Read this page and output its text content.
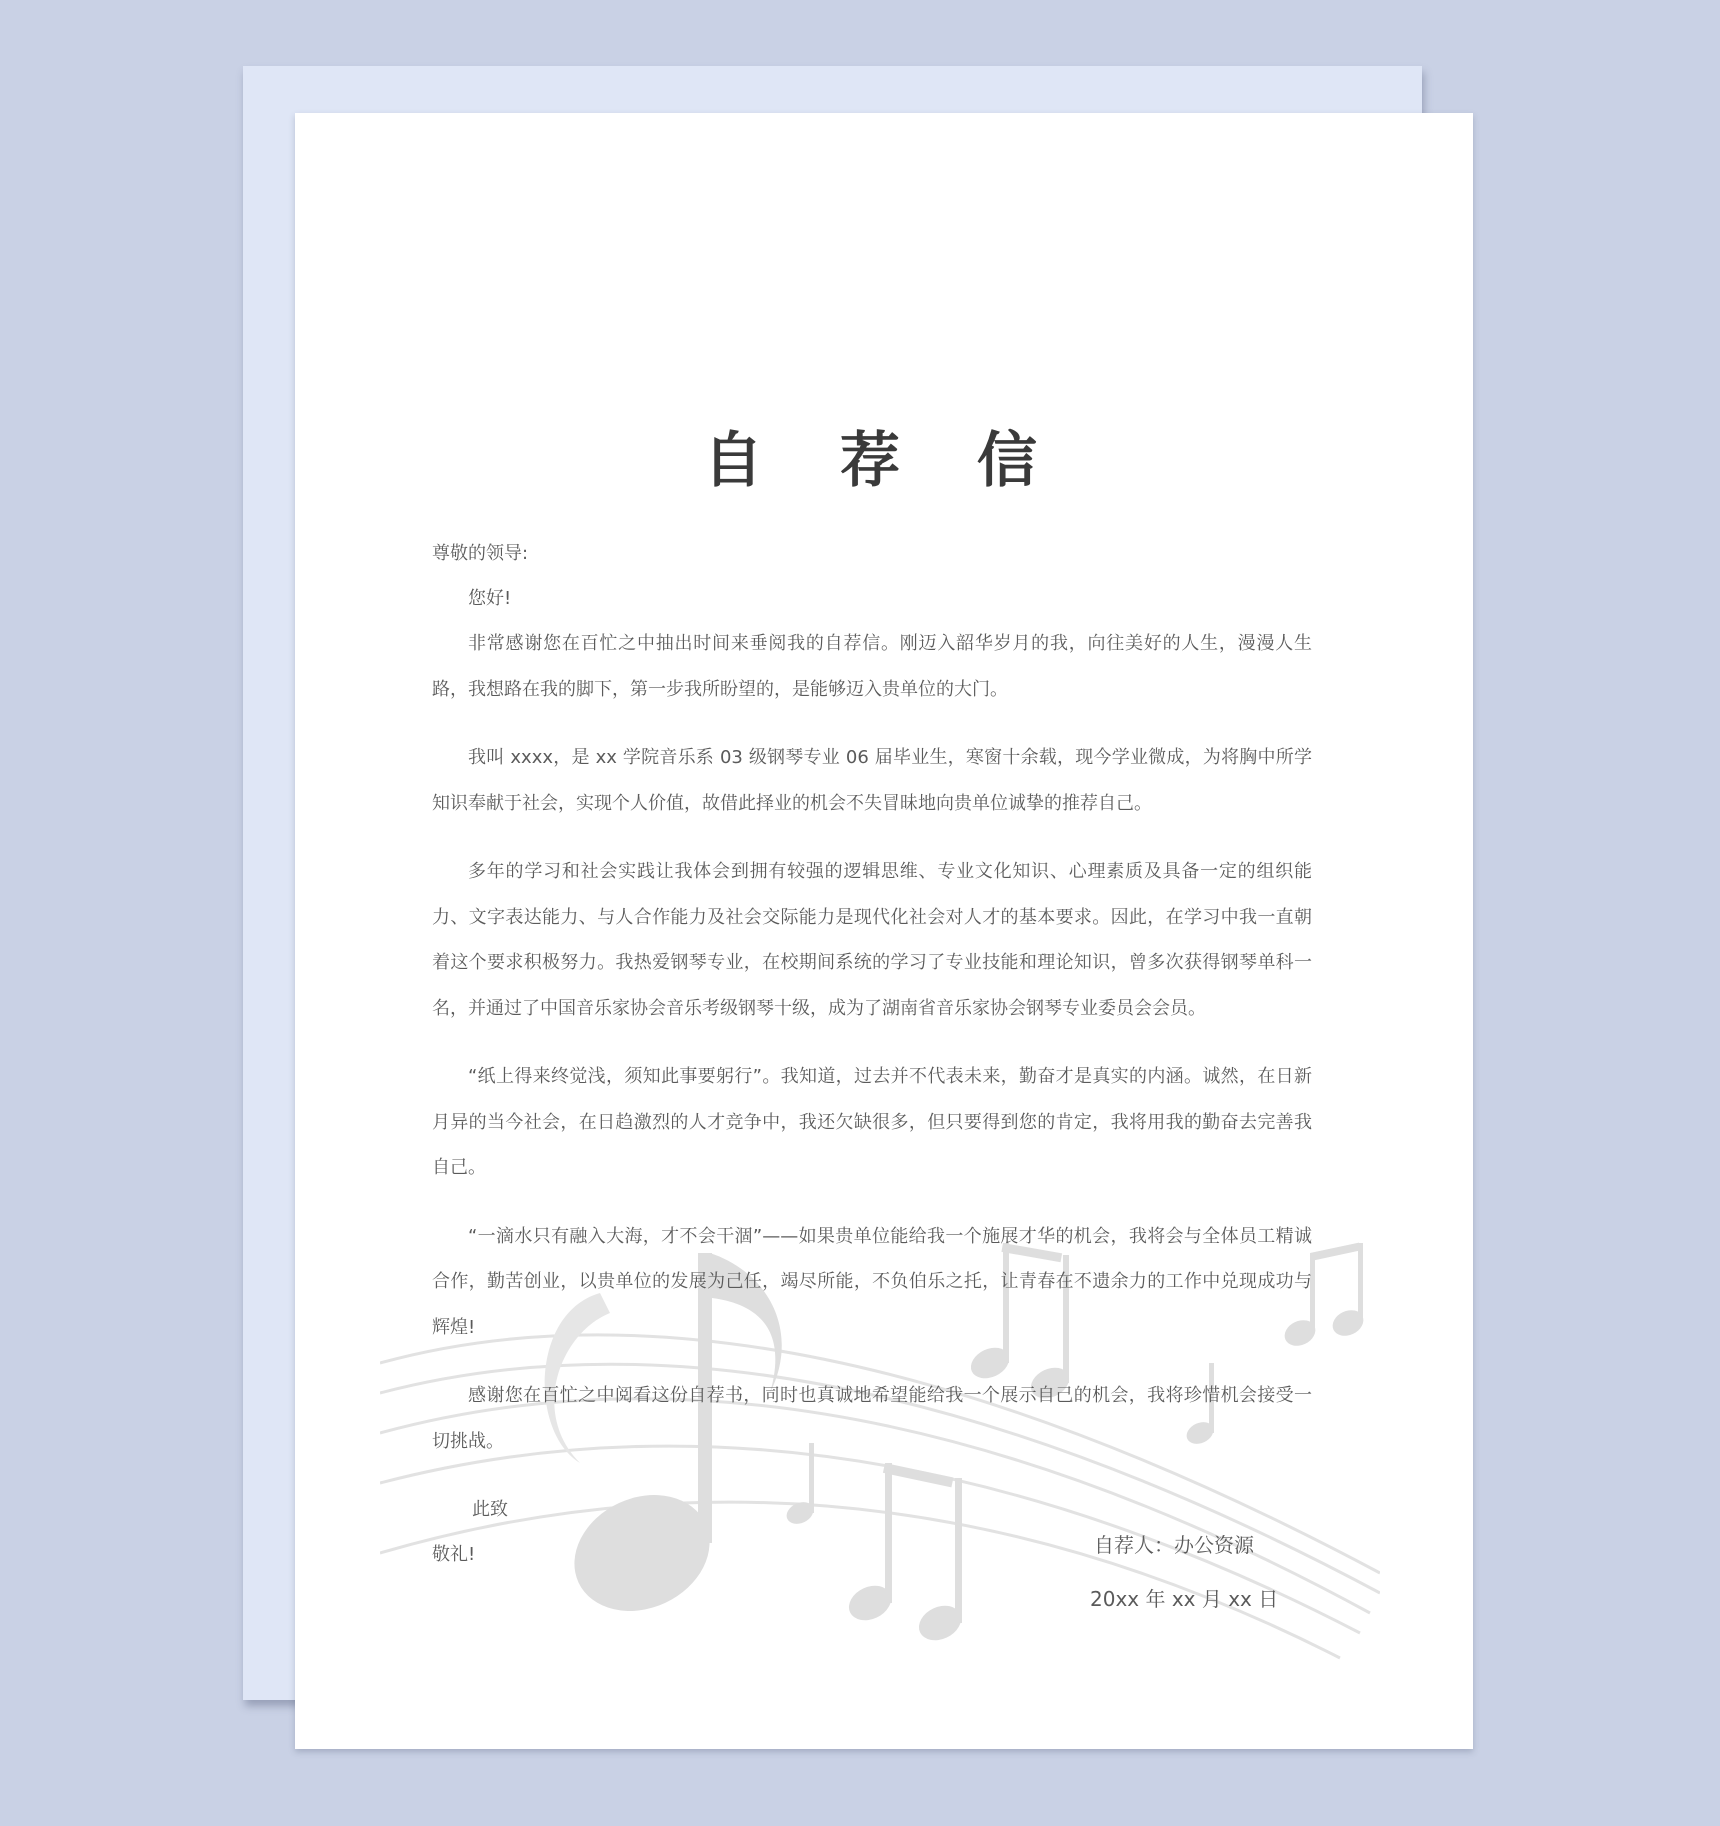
自 荐 信

尊敬的领导:

您好!

非常感谢您在百忙之中抽出时间来垂阅我的自荐信。刚迈入韶华岁月的我，向往美好的人生，漫漫人生路，我想路在我的脚下，第一步我所盼望的，是能够迈入贵单位的大门。

我叫 xxxx，是 xx 学院音乐系 03 级钢琴专业 06 届毕业生，寒窗十余载，现今学业微成，为将胸中所学知识奉献于社会，实现个人价值，故借此择业的机会不失冒昧地向贵单位诚挚的推荐自己。

多年的学习和社会实践让我体会到拥有较强的逻辑思维、专业文化知识、心理素质及具备一定的组织能力、文字表达能力、与人合作能力及社会交际能力是现代化社会对人才的基本要求。因此，在学习中我一直朝着这个要求积极努力。我热爱钢琴专业，在校期间系统的学习了专业技能和理论知识，曾多次获得钢琴单科一名，并通过了中国音乐家协会音乐考级钢琴十级，成为了湖南省音乐家协会钢琴专业委员会会员。

“纸上得来终觉浅，须知此事要躬行”。我知道，过去并不代表未来，勤奋才是真实的内涵。诚然，在日新月异的当今社会，在日趋激烈的人才竞争中，我还欠缺很多，但只要得到您的肯定，我将用我的勤奋去完善我自己。

“一滴水只有融入大海，才不会干涸”——如果贵单位能给我一个施展才华的机会，我将会与全体员工精诚合作，勤苦创业，以贵单位的发展为己任，竭尽所能，不负伯乐之托，让青春在不遗余力的工作中兑现成功与辉煌!

感谢您在百忙之中阅看这份自荐书，同时也真诚地希望能给我一个展示自己的机会，我将珍惜机会接受一切挑战。

此致

敬礼!	自荐人：办公资源
20xx 年 xx 月 xx 日
